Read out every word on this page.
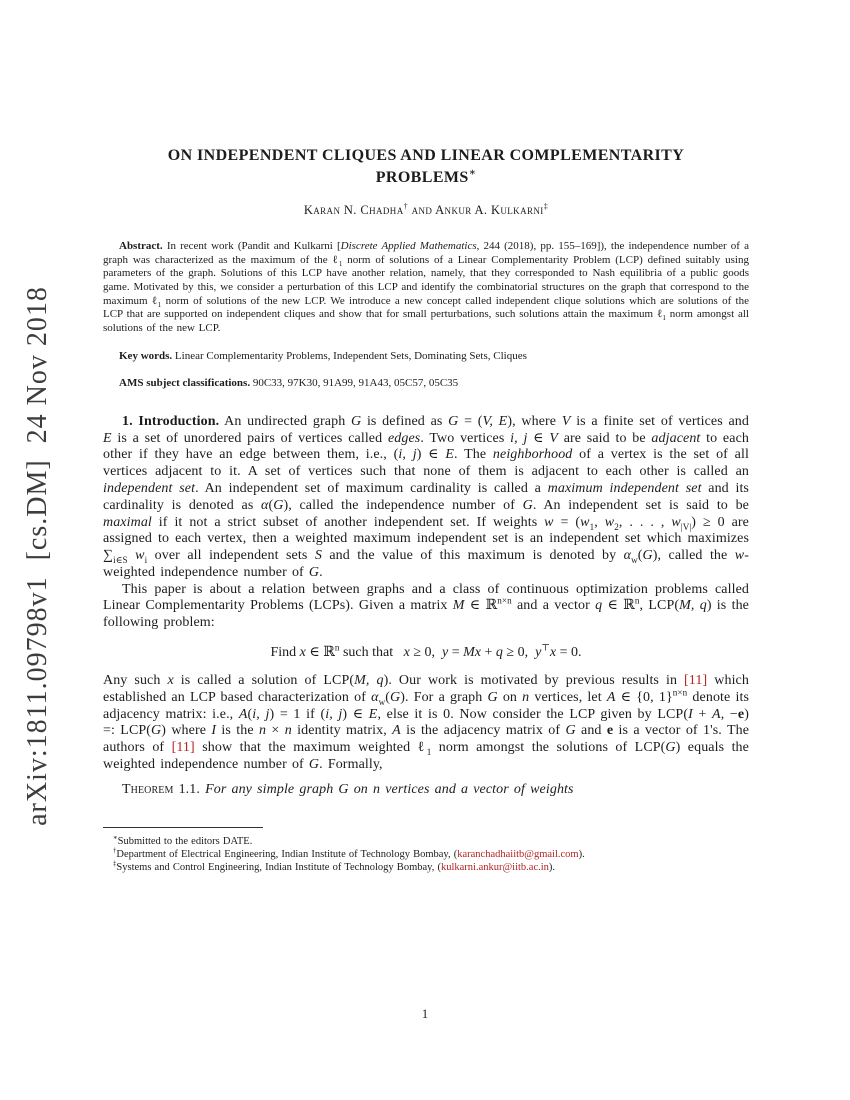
arXiv:1811.09798v1  [cs.DM]  24 Nov 2018
ON INDEPENDENT CLIQUES AND LINEAR COMPLEMENTARITY
PROBLEMS∗
Karan N. Chadha† and Ankur A. Kulkarni‡

Abstract. In recent work (Pandit and Kulkarni [Discrete Applied Mathematics, 244 (2018), pp. 155–169]), the independence number of a graph was characterized as the maximum of the ℓ$_1$ norm of solutions of a Linear Complementarity Problem (LCP) defined suitably using parameters of the graph. Solutions of this LCP have another relation, namely, that they corresponded to Nash equilibria of a public goods game. Motivated by this, we consider a perturbation of this LCP and identify the combinatorial structures on the graph that correspond to the maximum ℓ$_1$ norm of solutions of the new LCP. We introduce a new concept called independent clique solutions which are solutions of the LCP that are supported on independent cliques and show that for small perturbations, such solutions attain the maximum ℓ$_1$ norm amongst all solutions of the new LCP.

Key words. Linear Complementarity Problems, Independent Sets, Dominating Sets, Cliques

AMS subject classifications. 90C33, 97K30, 91A99, 91A43, 05C57, 05C35

1. Introduction. An undirected graph G is defined as G = (V, E), where V is a finite set of vertices and E is a set of unordered pairs of vertices called edges. Two vertices i, j ∈ V are said to be adjacent to each other if they have an edge between them, i.e., (i, j) ∈ E. The neighborhood of a vertex is the set of all vertices adjacent to it. A set of vertices such that none of them is adjacent to each other is called an independent set. An independent set of maximum cardinality is called a maximum independent set and its cardinality is denoted as α(G), called the independence number of G. An independent set is said to be maximal if it not a strict subset of another independent set. If weights $w = (w_1$, $w_2$, . . . , $w_{|V|}) \ge 0$ are assigned to each vertex, then a weighted maximum independent set is an independent set which maximizes $\sum_{i\in S}$ $w_i$ over all independent sets S and the value of this maximum is denoted by $\alpha_w(G)$, called the w-weighted independence number of G.

This paper is about a relation between graphs and a class of continuous optimization problems called Linear Complementarity Problems (LCPs). Given a matrix M ∈ ℝ$^{n\times n}$ and a vector q ∈ ℝ$^n$, LCP(M, q) is the following problem:

Find x ∈ ℝ$^n$ such that   x ≥ 0,  y = Mx + q ≥ 0,  y⊤x = 0.

Any such x is called a solution of LCP(M, q). Our work is motivated by previous results in [11] which established an LCP based characterization of $\alpha_w(G)$. For a graph G on n vertices, let A ∈ {0, 1}$^{n\times n}$ denote its adjacency matrix: i.e., A(i, j) = 1 if (i, j) ∈ E, else it is 0. Now consider the LCP given by LCP(I + A, −e) =: LCP(G) where I is the n × n identity matrix, A is the adjacency matrix of G and e is a vector of 1's. The authors of [11] show that the maximum weighted ℓ$_1$ norm amongst the solutions of LCP(G) equals the weighted independence number of G. Formally,

Theorem 1.1. For any simple graph G on n vertices and a vector of weights

∗Submitted to the editors DATE.

†Department of Electrical Engineering, Indian Institute of Technology Bombay, (karanchadhaiitb@gmail.com).

‡Systems and Control Engineering, Indian Institute of Technology Bombay, (kulkarni.ankur@iitb.ac.in).

1
